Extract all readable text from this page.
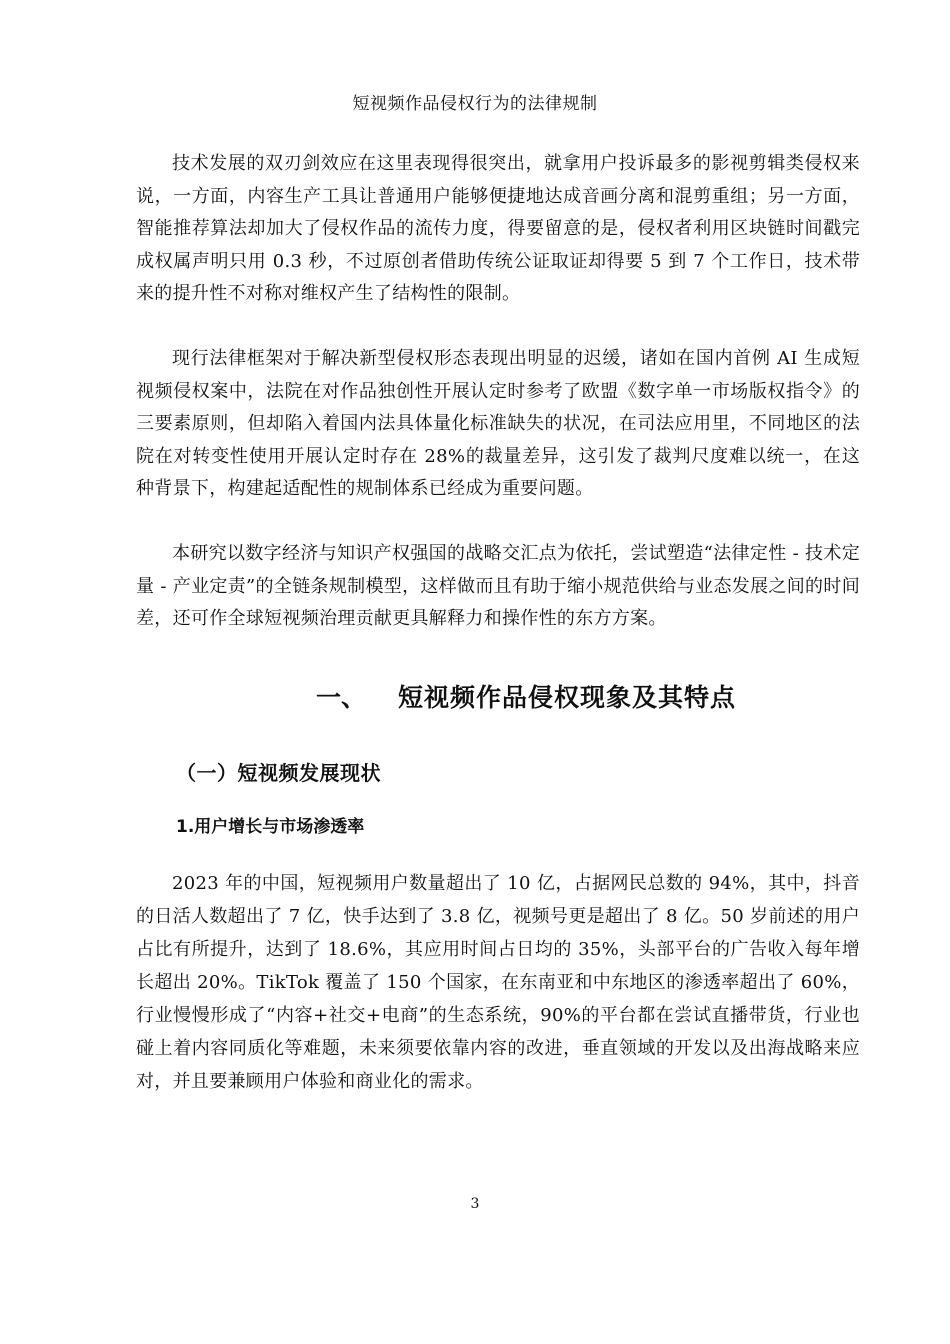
短视频作品侵权行为的法律规制

技术发展的双刃剑效应在这里表现得很突出，就拿用户投诉最多的影视剪辑类侵权来说，一方面，内容生产工具让普通用户能够便捷地达成音画分离和混剪重组；另一方面，智能推荐算法却加大了侵权作品的流传力度，得要留意的是，侵权者利用区块链时间戳完成权属声明只用 0.3 秒，不过原创者借助传统公证取证却得要 5 到 7 个工作日，技术带来的提升性不对称对维权产生了结构性的限制。

现行法律框架对于解决新型侵权形态表现出明显的迟缓，诸如在国内首例 AI 生成短视频侵权案中，法院在对作品独创性开展认定时参考了欧盟《数字单一市场版权指令》的三要素原则，但却陷入着国内法具体量化标准缺失的状况，在司法应用里，不同地区的法院在对转变性使用开展认定时存在 28%的裁量差异，这引发了裁判尺度难以统一，在这种背景下，构建起适配性的规制体系已经成为重要问题。

本研究以数字经济与知识产权强国的战略交汇点为依托，尝试塑造“法律定性 - 技术定量 - 产业定责”的全链条规制模型，这样做而且有助于缩小规范供给与业态发展之间的时间差，还可作全球短视频治理贡献更具解释力和操作性的东方方案。

一、 短视频作品侵权现象及其特点
（一）短视频发展现状
1.用户增长与市场渗透率

2023 年的中国，短视频用户数量超出了 10 亿，占据网民总数的 94%，其中，抖音的日活人数超出了 7 亿，快手达到了 3.8 亿，视频号更是超出了 8 亿。50 岁前述的用户占比有所提升，达到了 18.6%，其应用时间占日均的 35%，头部平台的广告收入每年增长超出 20%。TikTok 覆盖了 150 个国家，在东南亚和中东地区的渗透率超出了 60%，行业慢慢形成了“内容+社交+电商”的生态系统，90%的平台都在尝试直播带货，行业也碰上着内容同质化等难题，未来须要依靠内容的改进，垂直领域的开发以及出海战略来应对，并且要兼顾用户体验和商业化的需求。

3
